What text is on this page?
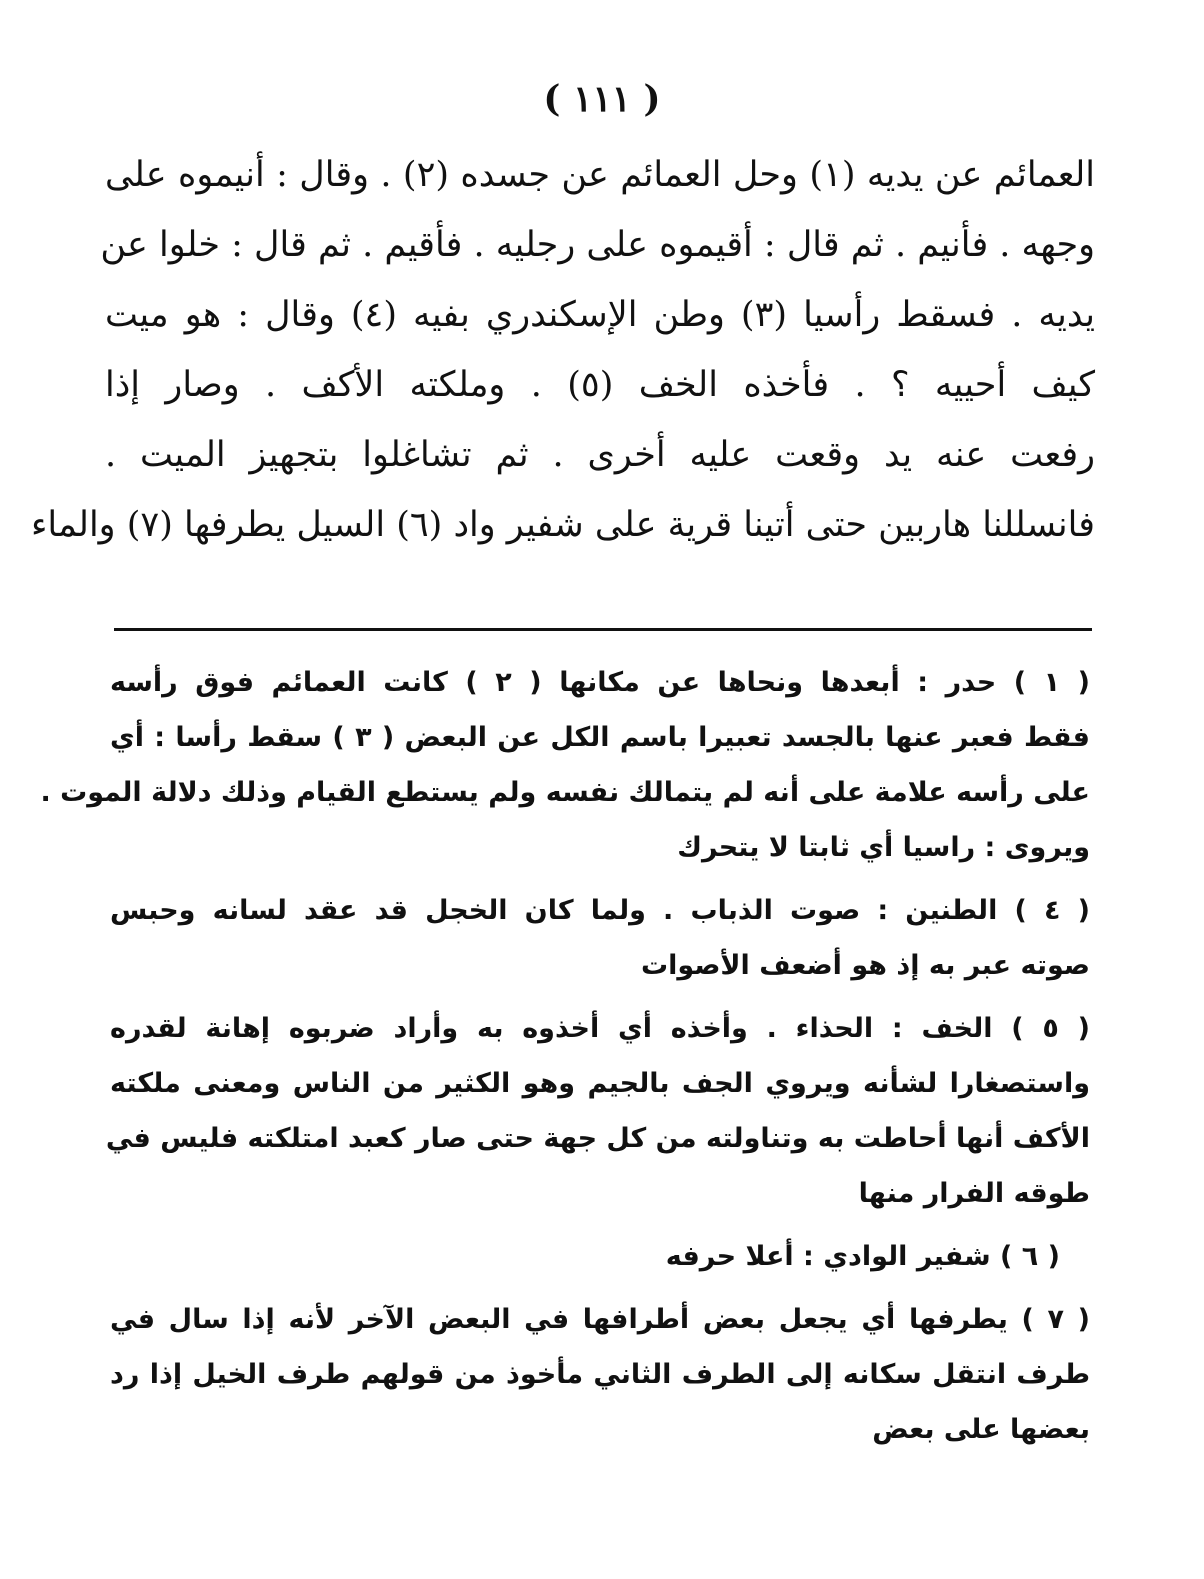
( ١١١ )
العمائم عن يديه (١) وحل العمائم عن جسده (٢) . وقال : أنيموه على
وجهه . فأنيم . ثم قال : أقيموه على رجليه . فأقيم . ثم قال : خلوا عن
يديه . فسقط رأسيا (٣) وطن الإسكندري بفيه (٤) وقال : هو ميت
كيف أحييه ؟ . فأخذه الخف (٥) . وملكته الأكف . وصار إذا
رفعت عنه يد وقعت عليه أخرى . ثم تشاغلوا بتجهيز الميت .
فانسللنا هاربين حتى أتينا قرية على شفير واد (٦) السيل يطرفها (٧) والماء
( ١ ) حدر : أبعدها ونحاها عن مكانها ( ٢ ) كانت العمائم فوق رأسه
فقط فعبر عنها بالجسد تعبيرا باسم الكل عن البعض ( ٣ ) سقط رأسا : أي
على رأسه علامة على أنه لم يتمالك نفسه ولم يستطع القيام وذلك دلالة الموت .
ويروى : راسيا أي ثابتا لا يتحرك
( ٤ ) الطنين : صوت الذباب . ولما كان الخجل قد عقد لسانه وحبس
صوته عبر به إذ هو أضعف الأصوات
( ٥ ) الخف : الحذاء . وأخذه أي أخذوه به وأراد ضربوه إهانة لقدره
واستصغارا لشأنه ويروي الجف بالجيم وهو الكثير من الناس ومعنى ملكته
الأكف أنها أحاطت به وتناولته من كل جهة حتى صار كعبد امتلكته فليس في
طوقه الفرار منها
( ٦ ) شفير الوادي : أعلا حرفه
( ٧ ) يطرفها أي يجعل بعض أطرافها في البعض الآخر لأنه إذا سال في
طرف انتقل سكانه إلى الطرف الثاني مأخوذ من قولهم طرف الخيل إذا رد
بعضها على بعض
